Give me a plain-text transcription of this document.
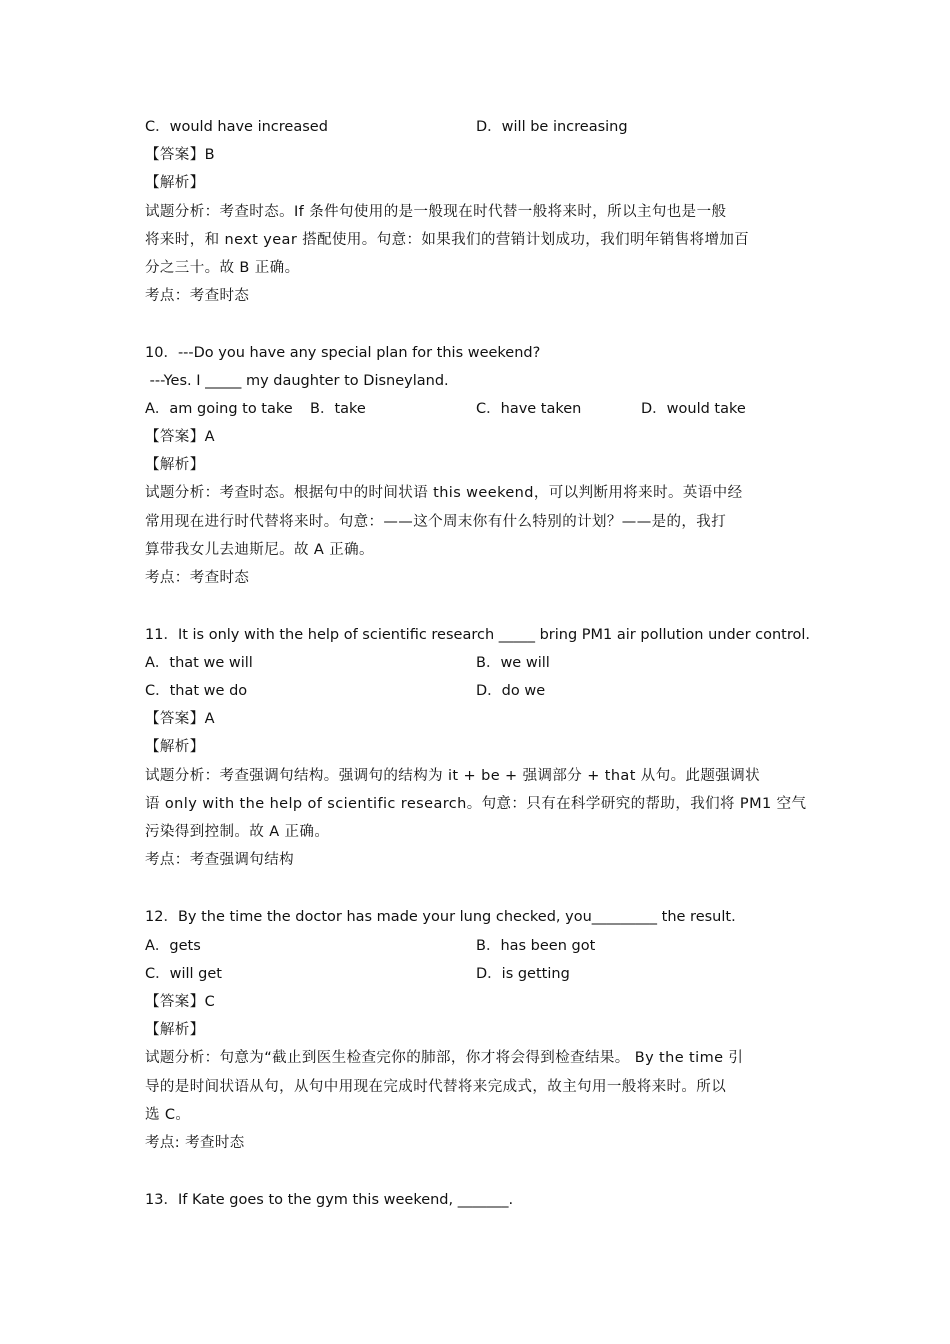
C．would have increased	D．will be increasing
【答案】B
【解析】
试题分析：考查时态。If 条件句使用的是一般现在时代替一般将来时，所以主句也是一般
将来时，和 next year 搭配使用。句意：如果我们的营销计划成功，我们明年销售将增加百
分之三十。故 B 正确。
考点：考查时态
10．---Do you have any special plan for this weekend?
---Yes. I _____ my daughter to Disneyland.
A．am going to take B．take	C．have taken	D．would take
【答案】A
【解析】
试题分析：考查时态。根据句中的时间状语 this weekend，可以判断用将来时。英语中经
常用现在进行时代替将来时。句意：——这个周末你有什么特别的计划？——是的，我打
算带我女儿去迪斯尼。故 A 正确。
考点：考查时态
11．It is only with the help of scientific research _____ bring PM1 air pollution under control.
A．that we will	B．we will
C．that we do	D．do we
【答案】A
【解析】
试题分析：考查强调句结构。强调句的结构为 it + be + 强调部分 + that 从句。此题强调状
语 only with the help of scientific research。句意：只有在科学研究的帮助，我们将 PM1 空气
污染得到控制。故 A 正确。
考点：考查强调句结构
12．By the time the doctor has made your lung checked, you_________ the result.
A．gets	B．has been got
C．will get	D．is getting
【答案】C
【解析】
试题分析：句意为“截止到医生检查完你的肺部，你才将会得到检查结果。 By the time 引
导的是时间状语从句，从句中用现在完成时代替将来完成式，故主句用一般将来时。所以
选 C。
考点: 考查时态
13．If Kate goes to the gym this weekend, _______.
